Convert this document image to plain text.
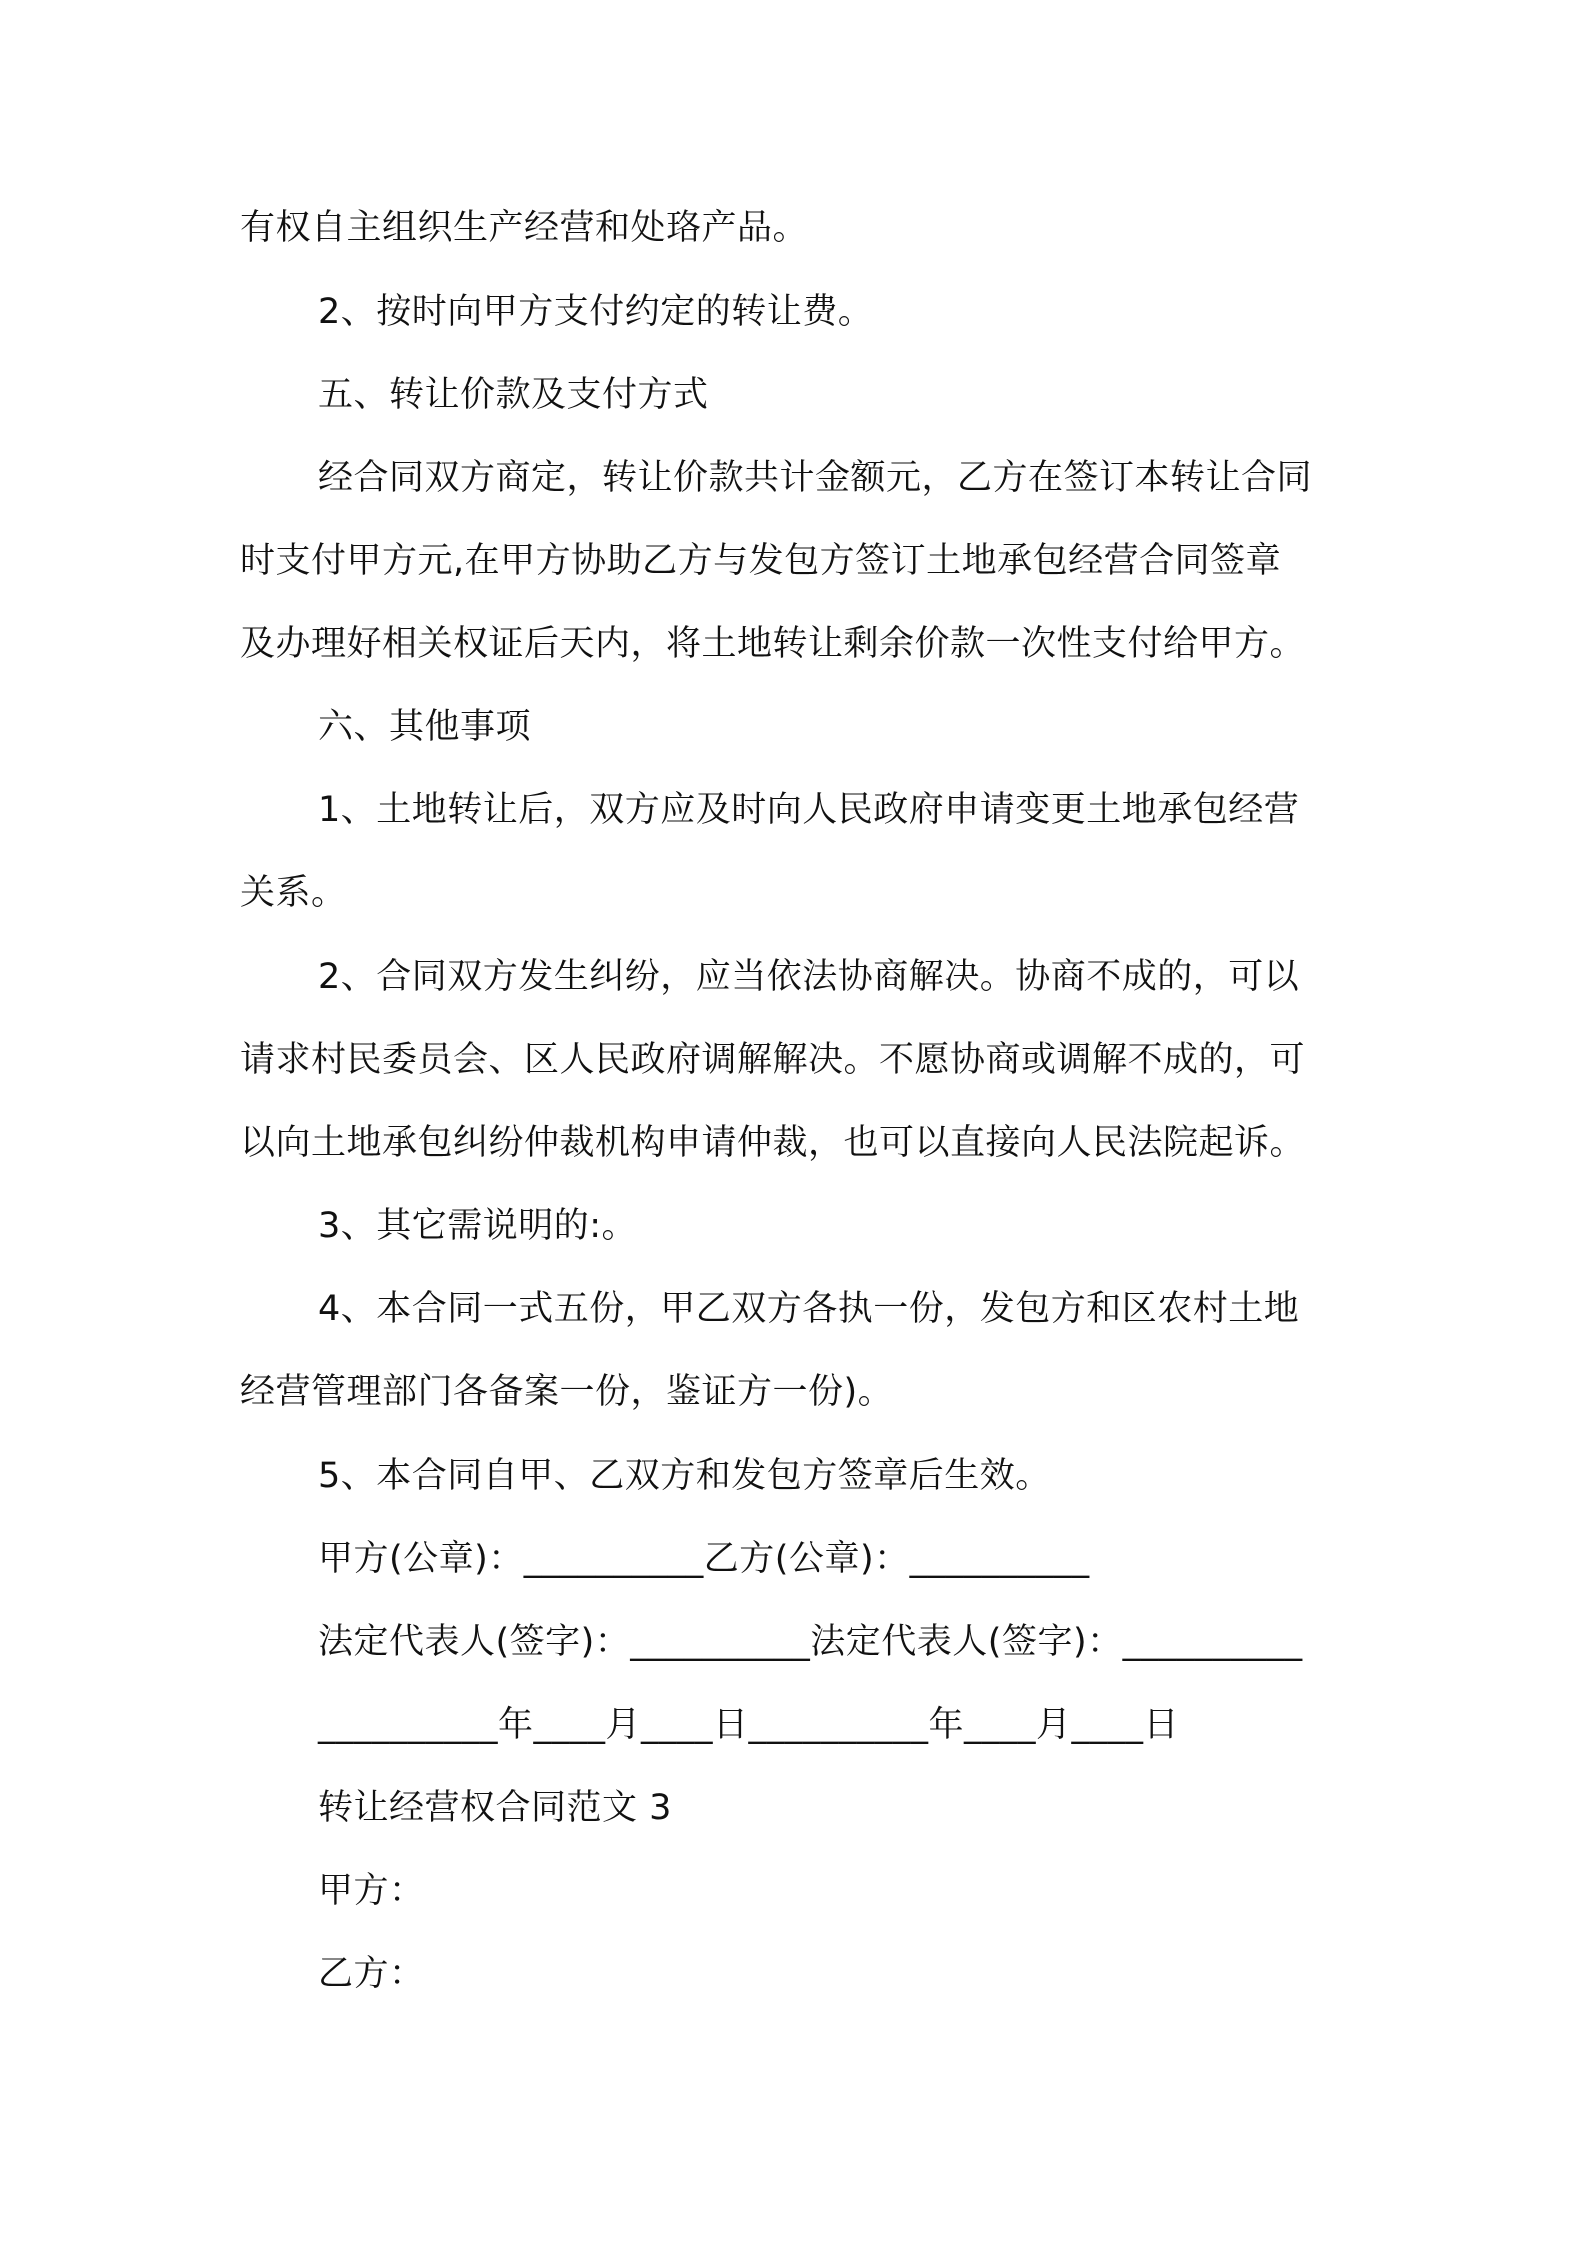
有权自主组织生产经营和处珞产品。
2、按时向甲方支付约定的转让费。
五、转让价款及支付方式
经合同双方商定，转让价款共计金额元，乙方在签订本转让合同
时支付甲方元,在甲方协助乙方与发包方签订土地承包经营合同签章
及办理好相关权证后天内，将土地转让剩余价款一次性支付给甲方。
六、其他事项
1、土地转让后，双方应及时向人民政府申请变更土地承包经营
关系。
2、合同双方发生纠纷，应当依法协商解决。协商不成的，可以
请求村民委员会、区人民政府调解解决。不愿协商或调解不成的，可
以向土地承包纠纷仲裁机构申请仲裁，也可以直接向人民法院起诉。
3、其它需说明的:。
4、本合同一式五份，甲乙双方各执一份，发包方和区农村土地
经营管理部门各备案一份，鉴证方一份)。
5、本合同自甲、乙双方和发包方签章后生效。
甲方(公章)：__________乙方(公章)：__________
法定代表人(签字)：__________法定代表人(签字)：__________
__________年____月____日__________年____月____日
转让经营权合同范文 3
甲方：
乙方：
